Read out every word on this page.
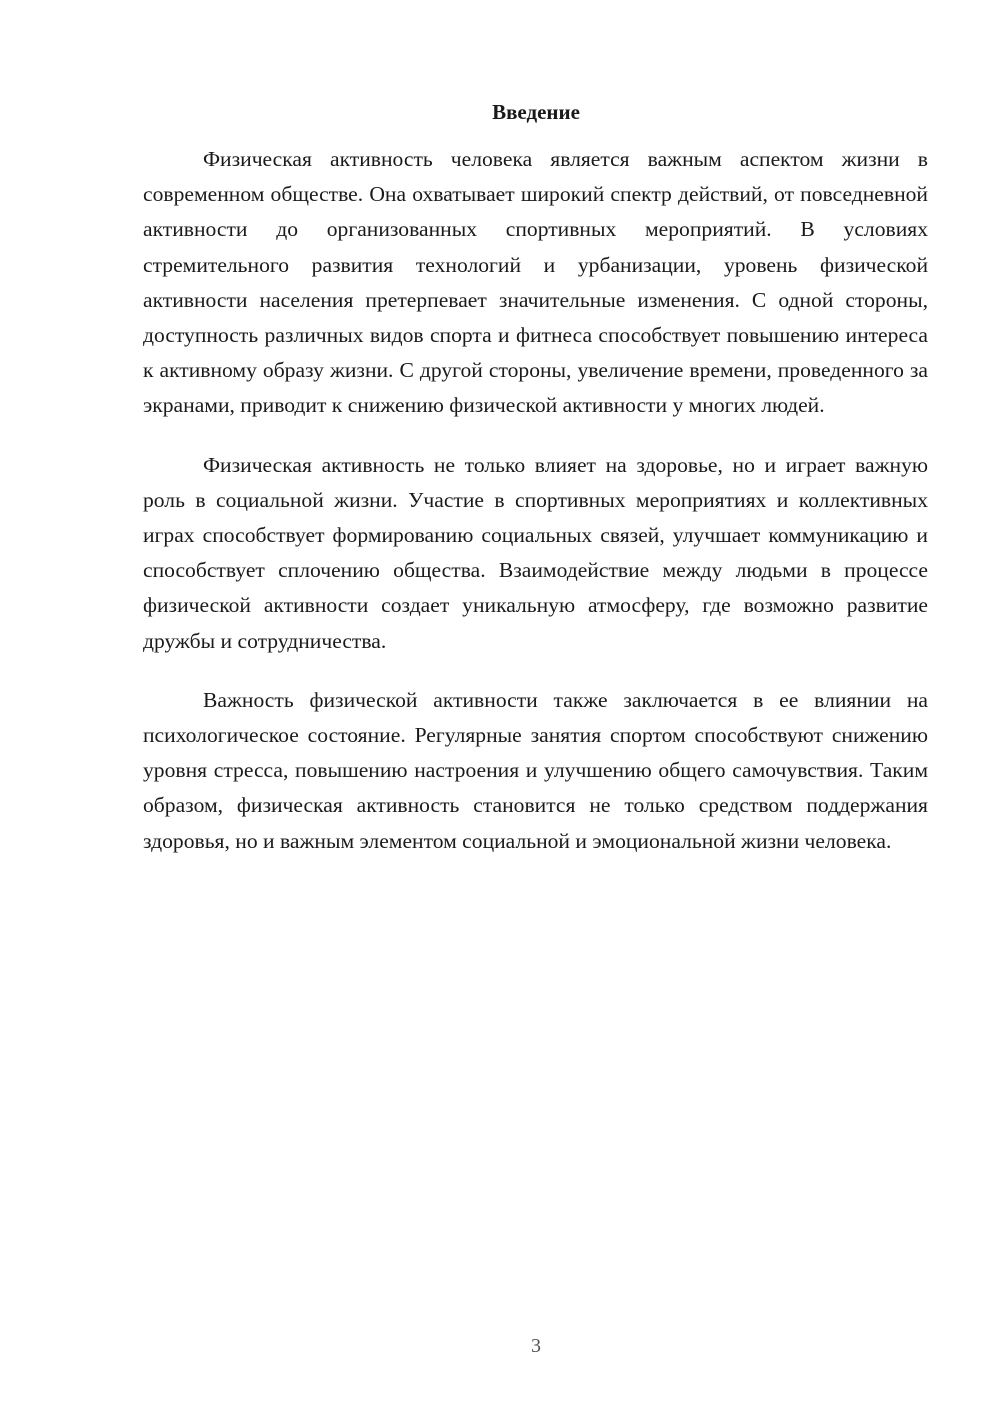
Введение

Физическая активность человека является важным аспектом жизни в современном обществе. Она охватывает широкий спектр действий, от повседневной активности до организованных спортивных мероприятий. В условиях стремительного развития технологий и урбанизации, уровень физической активности населения претерпевает значительные изменения. С одной стороны, доступность различных видов спорта и фитнеса способствует повышению интереса к активному образу жизни. С другой стороны, увеличение времени, проведенного за экранами, приводит к снижению физической активности у многих людей.

Физическая активность не только влияет на здоровье, но и играет важную роль в социальной жизни. Участие в спортивных мероприятиях и коллективных играх способствует формированию социальных связей, улучшает коммуникацию и способствует сплочению общества. Взаимодействие между людьми в процессе физической активности создает уникальную атмосферу, где возможно развитие дружбы и сотрудничества.

Важность физической активности также заключается в ее влиянии на психологическое состояние. Регулярные занятия спортом способствуют снижению уровня стресса, повышению настроения и улучшению общего самочувствия. Таким образом, физическая активность становится не только средством поддержания здоровья, но и важным элементом социальной и эмоциональной жизни человека.

3
